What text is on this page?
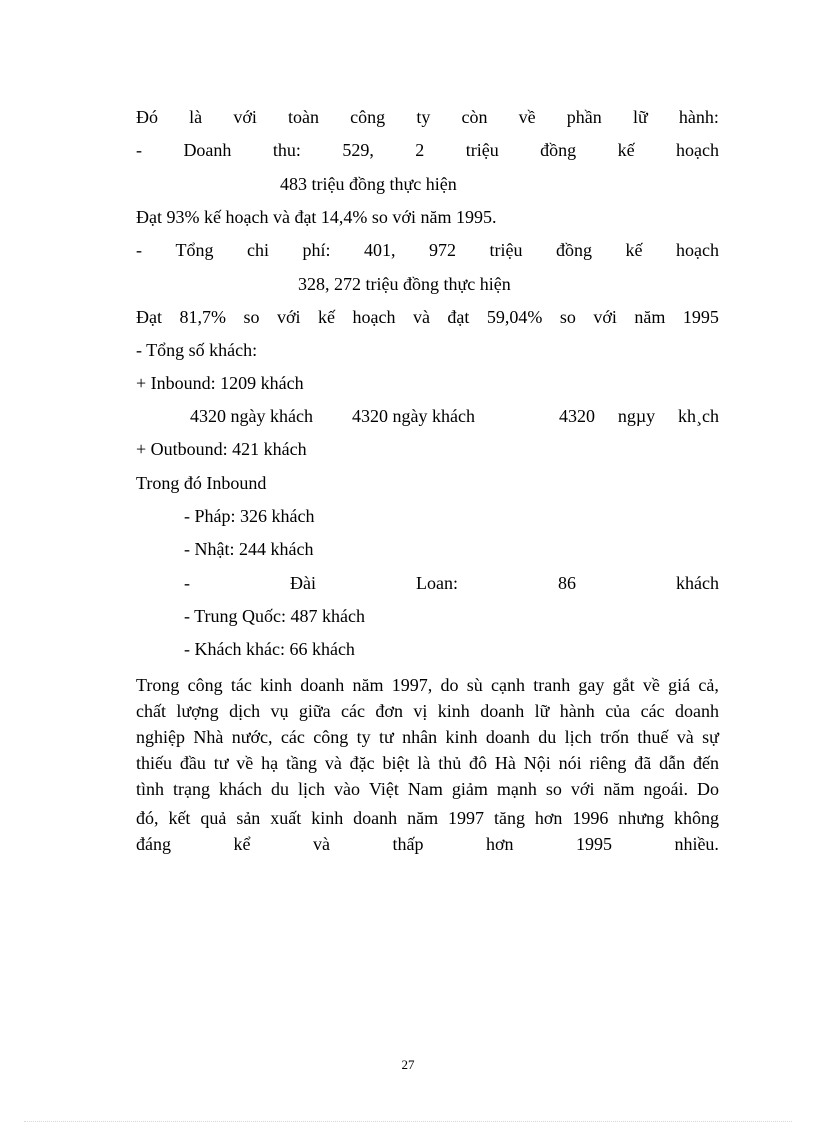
Đó là với toàn công ty còn về phần lữ hành:
- Doanh thu: 529, 2 triệu đồng kế hoạch
483 triệu đồng thực hiện
Đạt 93% kế hoạch và đạt 14,4% so với năm 1995.
- Tổng chi phí: 401, 972 triệu đồng kế hoạch
328, 272 triệu đồng thực hiện
Đạt 81,7% so với kế hoạch và đạt 59,04% so với năm 1995
- Tổng số khách:
+ Inbound: 1209 khách
4320 ngày khách 4320 ngày khách	4320 ngµy kh¸ch
+ Outbound: 421 khách
Trong đó Inbound
- Pháp: 326 khách
- Nhật: 244 khách
-	Đài	Loan:	86	khách
- Trung Quốc: 487 khách
- Khách khác: 66 khách
Trong công tác kinh doanh năm 1997, do sù cạnh tranh gay gắt về giá cả,
chất lượng dịch vụ giữa các đơn vị kinh doanh lữ hành của các doanh
nghiệp Nhà nước, các công ty tư nhân kinh doanh du lịch trốn thuế và sự
thiếu đầu tư về hạ tầng và đặc biệt là thủ đô Hà Nội nói riêng đã dẫn đến
tình trạng khách du lịch vào Việt Nam giảm mạnh so với năm ngoái. Do
đó, kết quả sản xuất kinh doanh năm 1997 tăng hơn 1996 nhưng không
đáng	kể	và	thấp	hơn	1995	nhiều.
27
